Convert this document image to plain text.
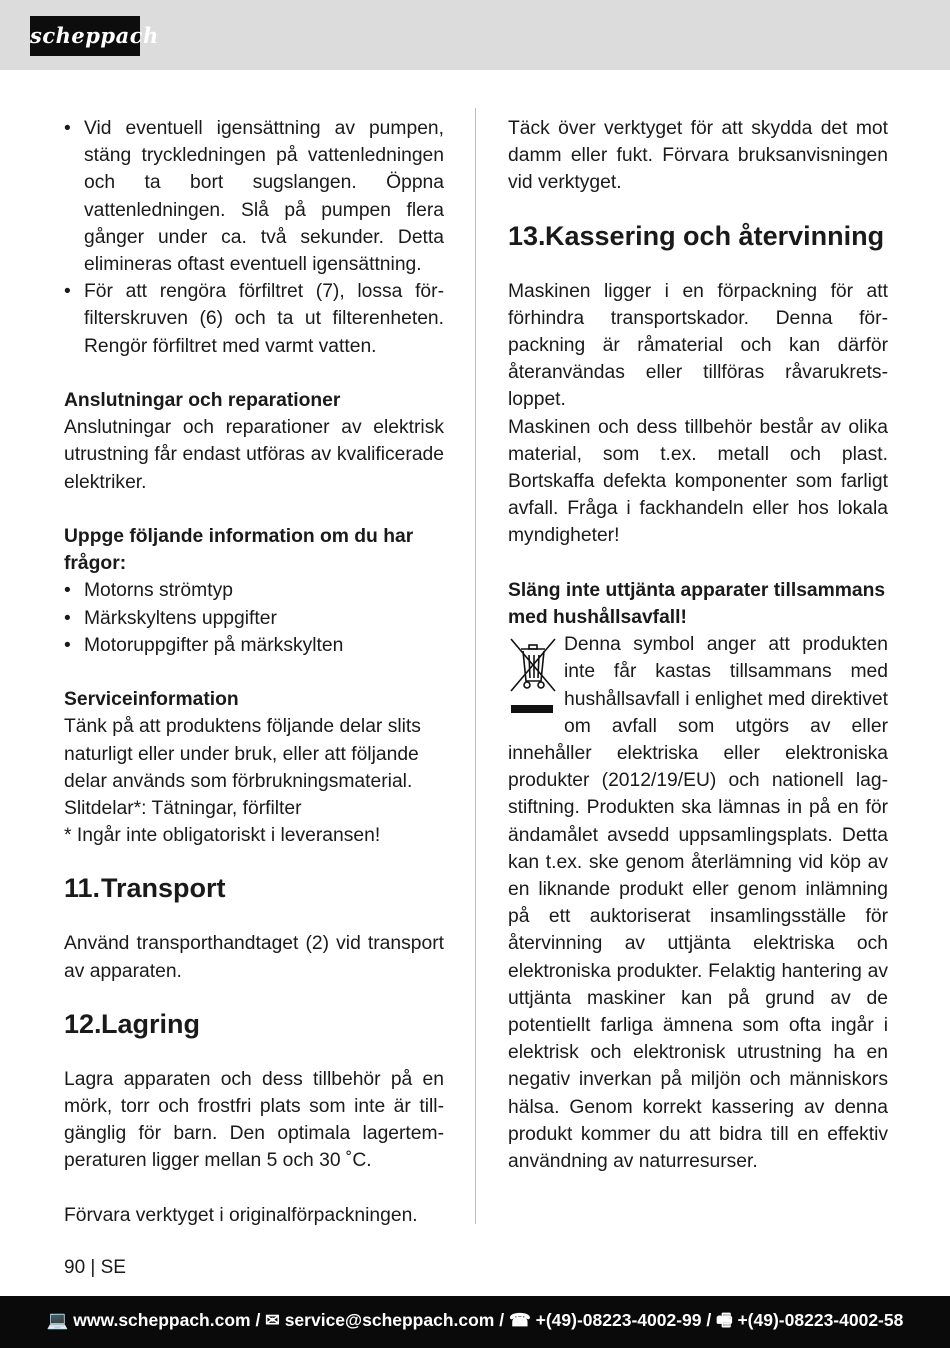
scheppach
• Vid eventuell igensättning av pumpen, stäng tryckledningen på vattenledningen och ta bort sugslangen. Öppna vattenledningen. Slå på pumpen flera gånger under ca. två sekunder. Detta elimineras oftast eventuell igensättning.
• För att rengöra förfiltret (7), lossa förfilterskruven (6) och ta ut filterenheten. Rengör förfiltret med varmt vatten.

Anslutningar och reparationer

Anslutningar och reparationer av elektrisk utrustning får endast utföras av kvalificerade elektriker.

Uppge följande information om du har frågor:

• Motorns strömtyp
• Märkskyltens uppgifter
• Motoruppgifter på märkskylten

Serviceinformation

Tänk på att produktens följande delar slits naturligt eller under bruk, eller att följande delar används som förbrukningsmaterial.

Slitdelar*: Tätningar, förfilter

* Ingår inte obligatoriskt i leveransen!

11. Transport

Använd transporthandtaget (2) vid transport av apparaten.

12. Lagring

Lagra apparaten och dess tillbehör på en mörk, torr och frostfri plats som inte är tillgänglig för barn. Den optimala lagertemperaturen ligger mellan 5 och 30 ˚C.

Förvara verktyget i originalförpackningen.

Täck över verktyget för att skydda det mot damm eller fukt. Förvara bruksanvisningen vid verktyget.

13. Kassering och återvinning

Maskinen ligger i en förpackning för att förhindra transportskador. Denna förpackning är råmaterial och kan därför återanvändas eller tillföras råvarukretsloppet.

Maskinen och dess tillbehör består av olika material, som t.ex. metall och plast. Bortskaffa defekta komponenter som farligt avfall. Fråga i fackhandeln eller hos lokala myndigheter!

Släng inte uttjänta apparater tillsammans med hushållsavfall!

Denna symbol anger att produkten inte får kastas tillsammans med hushållsavfall i enlighet med direktivet om avfall som utgörs av eller innehåller elektriska eller elektroniska produkter (2012/19/EU) och nationell lagstiftning. Produkten ska lämnas in på en för ändamålet avsedd uppsamlingsplats. Detta kan t.ex. ske genom återlämning vid köp av en liknande produkt eller genom inlämning på ett auktoriserat insamlingsställe för återvinning av uttjänta elektriska och elektroniska produkter. Felaktig hantering av uttjänta maskiner kan på grund av de potentiellt farliga ämnena som ofta ingår i elektrisk och elektronisk utrustning ha en negativ inverkan på miljön och människors hälsa. Genom korrekt kassering av denna produkt kommer du att bidra till en effektiv användning av naturresurser.

90 | SE
💻 www.scheppach.com / ✉ service@scheppach.com / ☎ +(49)-08223-4002-99 / 🖷 +(49)-08223-4002-58
